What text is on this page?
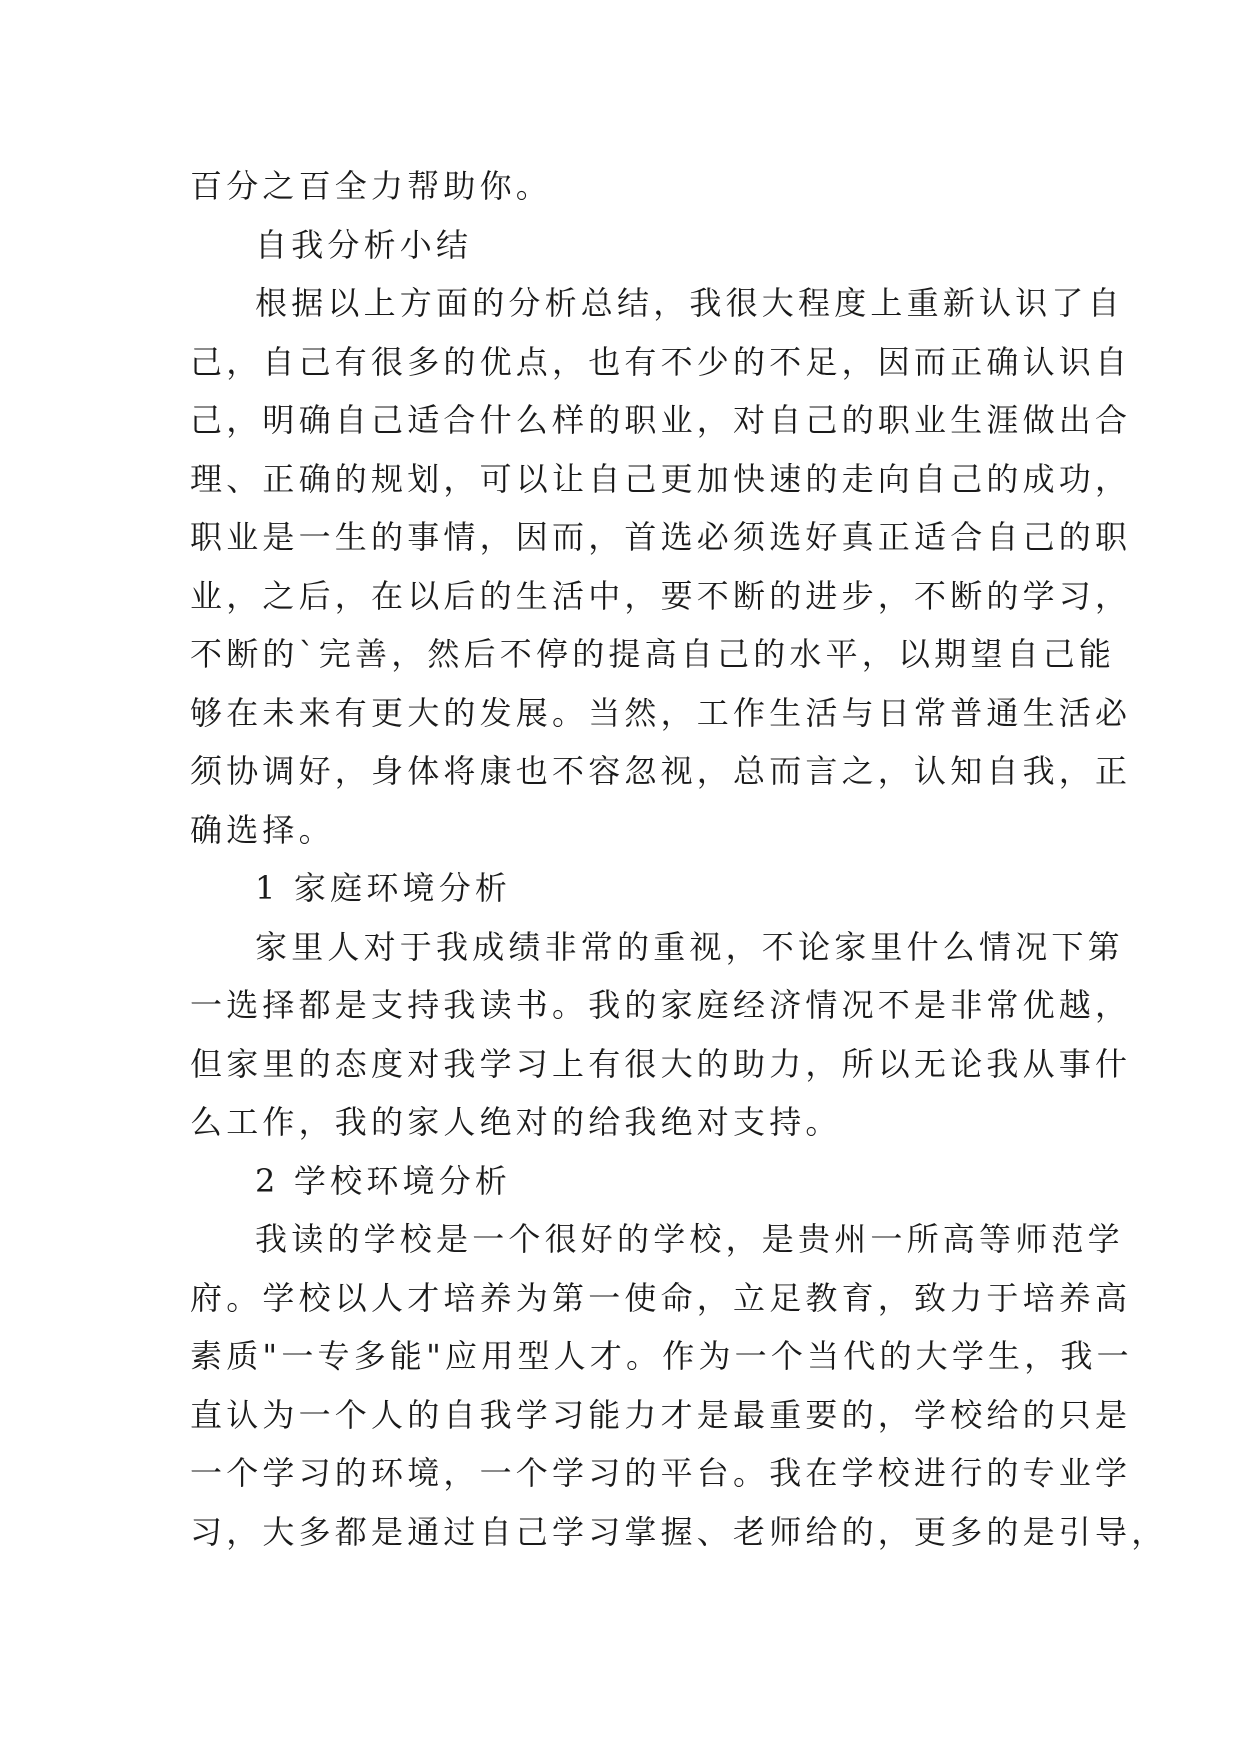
百分之百全力帮助你。
自我分析小结
根据以上方面的分析总结，我很大程度上重新认识了自
己，自己有很多的优点，也有不少的不足，因而正确认识自
己，明确自己适合什么样的职业，对自己的职业生涯做出合
理、正确的规划，可以让自己更加快速的走向自己的成功，
职业是一生的事情，因而，首选必须选好真正适合自己的职
业，之后，在以后的生活中，要不断的进步，不断的学习，
不断的`完善，然后不停的提高自己的水平，以期望自己能
够在未来有更大的发展。当然，工作生活与日常普通生活必
须协调好，身体将康也不容忽视，总而言之，认知自我，正
确选择。
1 家庭环境分析
家里人对于我成绩非常的重视，不论家里什么情况下第
一选择都是支持我读书。我的家庭经济情况不是非常优越，
但家里的态度对我学习上有很大的助力，所以无论我从事什
么工作，我的家人绝对的给我绝对支持。
2 学校环境分析
我读的学校是一个很好的学校，是贵州一所高等师范学
府。学校以人才培养为第一使命，立足教育，致力于培养高
素质"一专多能"应用型人才。作为一个当代的大学生，我一
直认为一个人的自我学习能力才是最重要的，学校给的只是
一个学习的环境，一个学习的平台。我在学校进行的专业学
习，大多都是通过自己学习掌握、老师给的，更多的是引导，
